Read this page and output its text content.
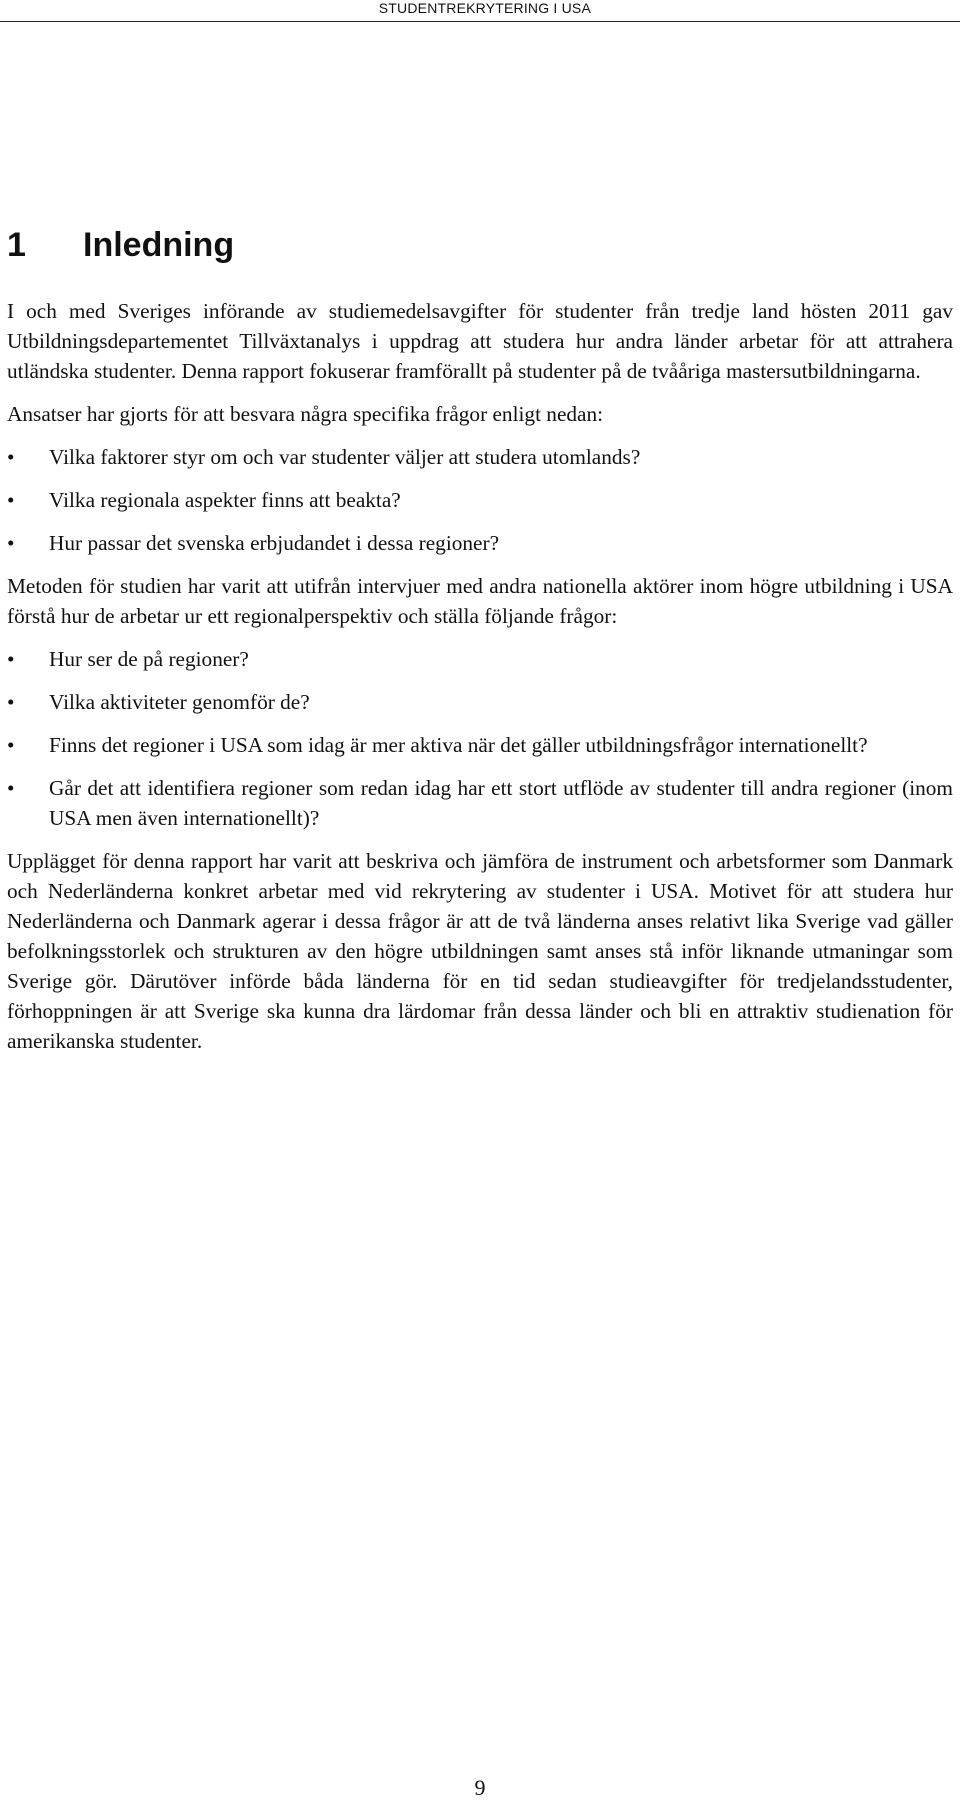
STUDENTREKRYTERING I USA
1 Inledning

I och med Sveriges införande av studiemedelsavgifter för studenter från tredje land hösten 2011 gav Utbildningsdepartementet Tillväxtanalys i uppdrag att studera hur andra länder arbetar för att attrahera utländska studenter. Denna rapport fokuserar framförallt på studenter på de tvååriga mastersutbildningarna.

Ansatser har gjorts för att besvara några specifika frågor enligt nedan:

• Vilka faktorer styr om och var studenter väljer att studera utomlands?
• Vilka regionala aspekter finns att beakta?
• Hur passar det svenska erbjudandet i dessa regioner?

Metoden för studien har varit att utifrån intervjuer med andra nationella aktörer inom högre utbildning i USA förstå hur de arbetar ur ett regionalperspektiv och ställa följande frågor:

• Hur ser de på regioner?
• Vilka aktiviteter genomför de?
• Finns det regioner i USA som idag är mer aktiva när det gäller utbildningsfrågor internationellt?
• Går det att identifiera regioner som redan idag har ett stort utflöde av studenter till andra regioner (inom USA men även internationellt)?

Upplägget för denna rapport har varit att beskriva och jämföra de instrument och arbetsformer som Danmark och Nederländerna konkret arbetar med vid rekrytering av studenter i USA. Motivet för att studera hur Nederländerna och Danmark agerar i dessa frågor är att de två länderna anses relativt lika Sverige vad gäller befolkningsstorlek och strukturen av den högre utbildningen samt anses stå inför liknande utmaningar som Sverige gör. Därutöver införde båda länderna för en tid sedan studieavgifter för tredjelandsstudenter, förhoppningen är att Sverige ska kunna dra lärdomar från dessa länder och bli en attraktiv studienation för amerikanska studenter.

9
